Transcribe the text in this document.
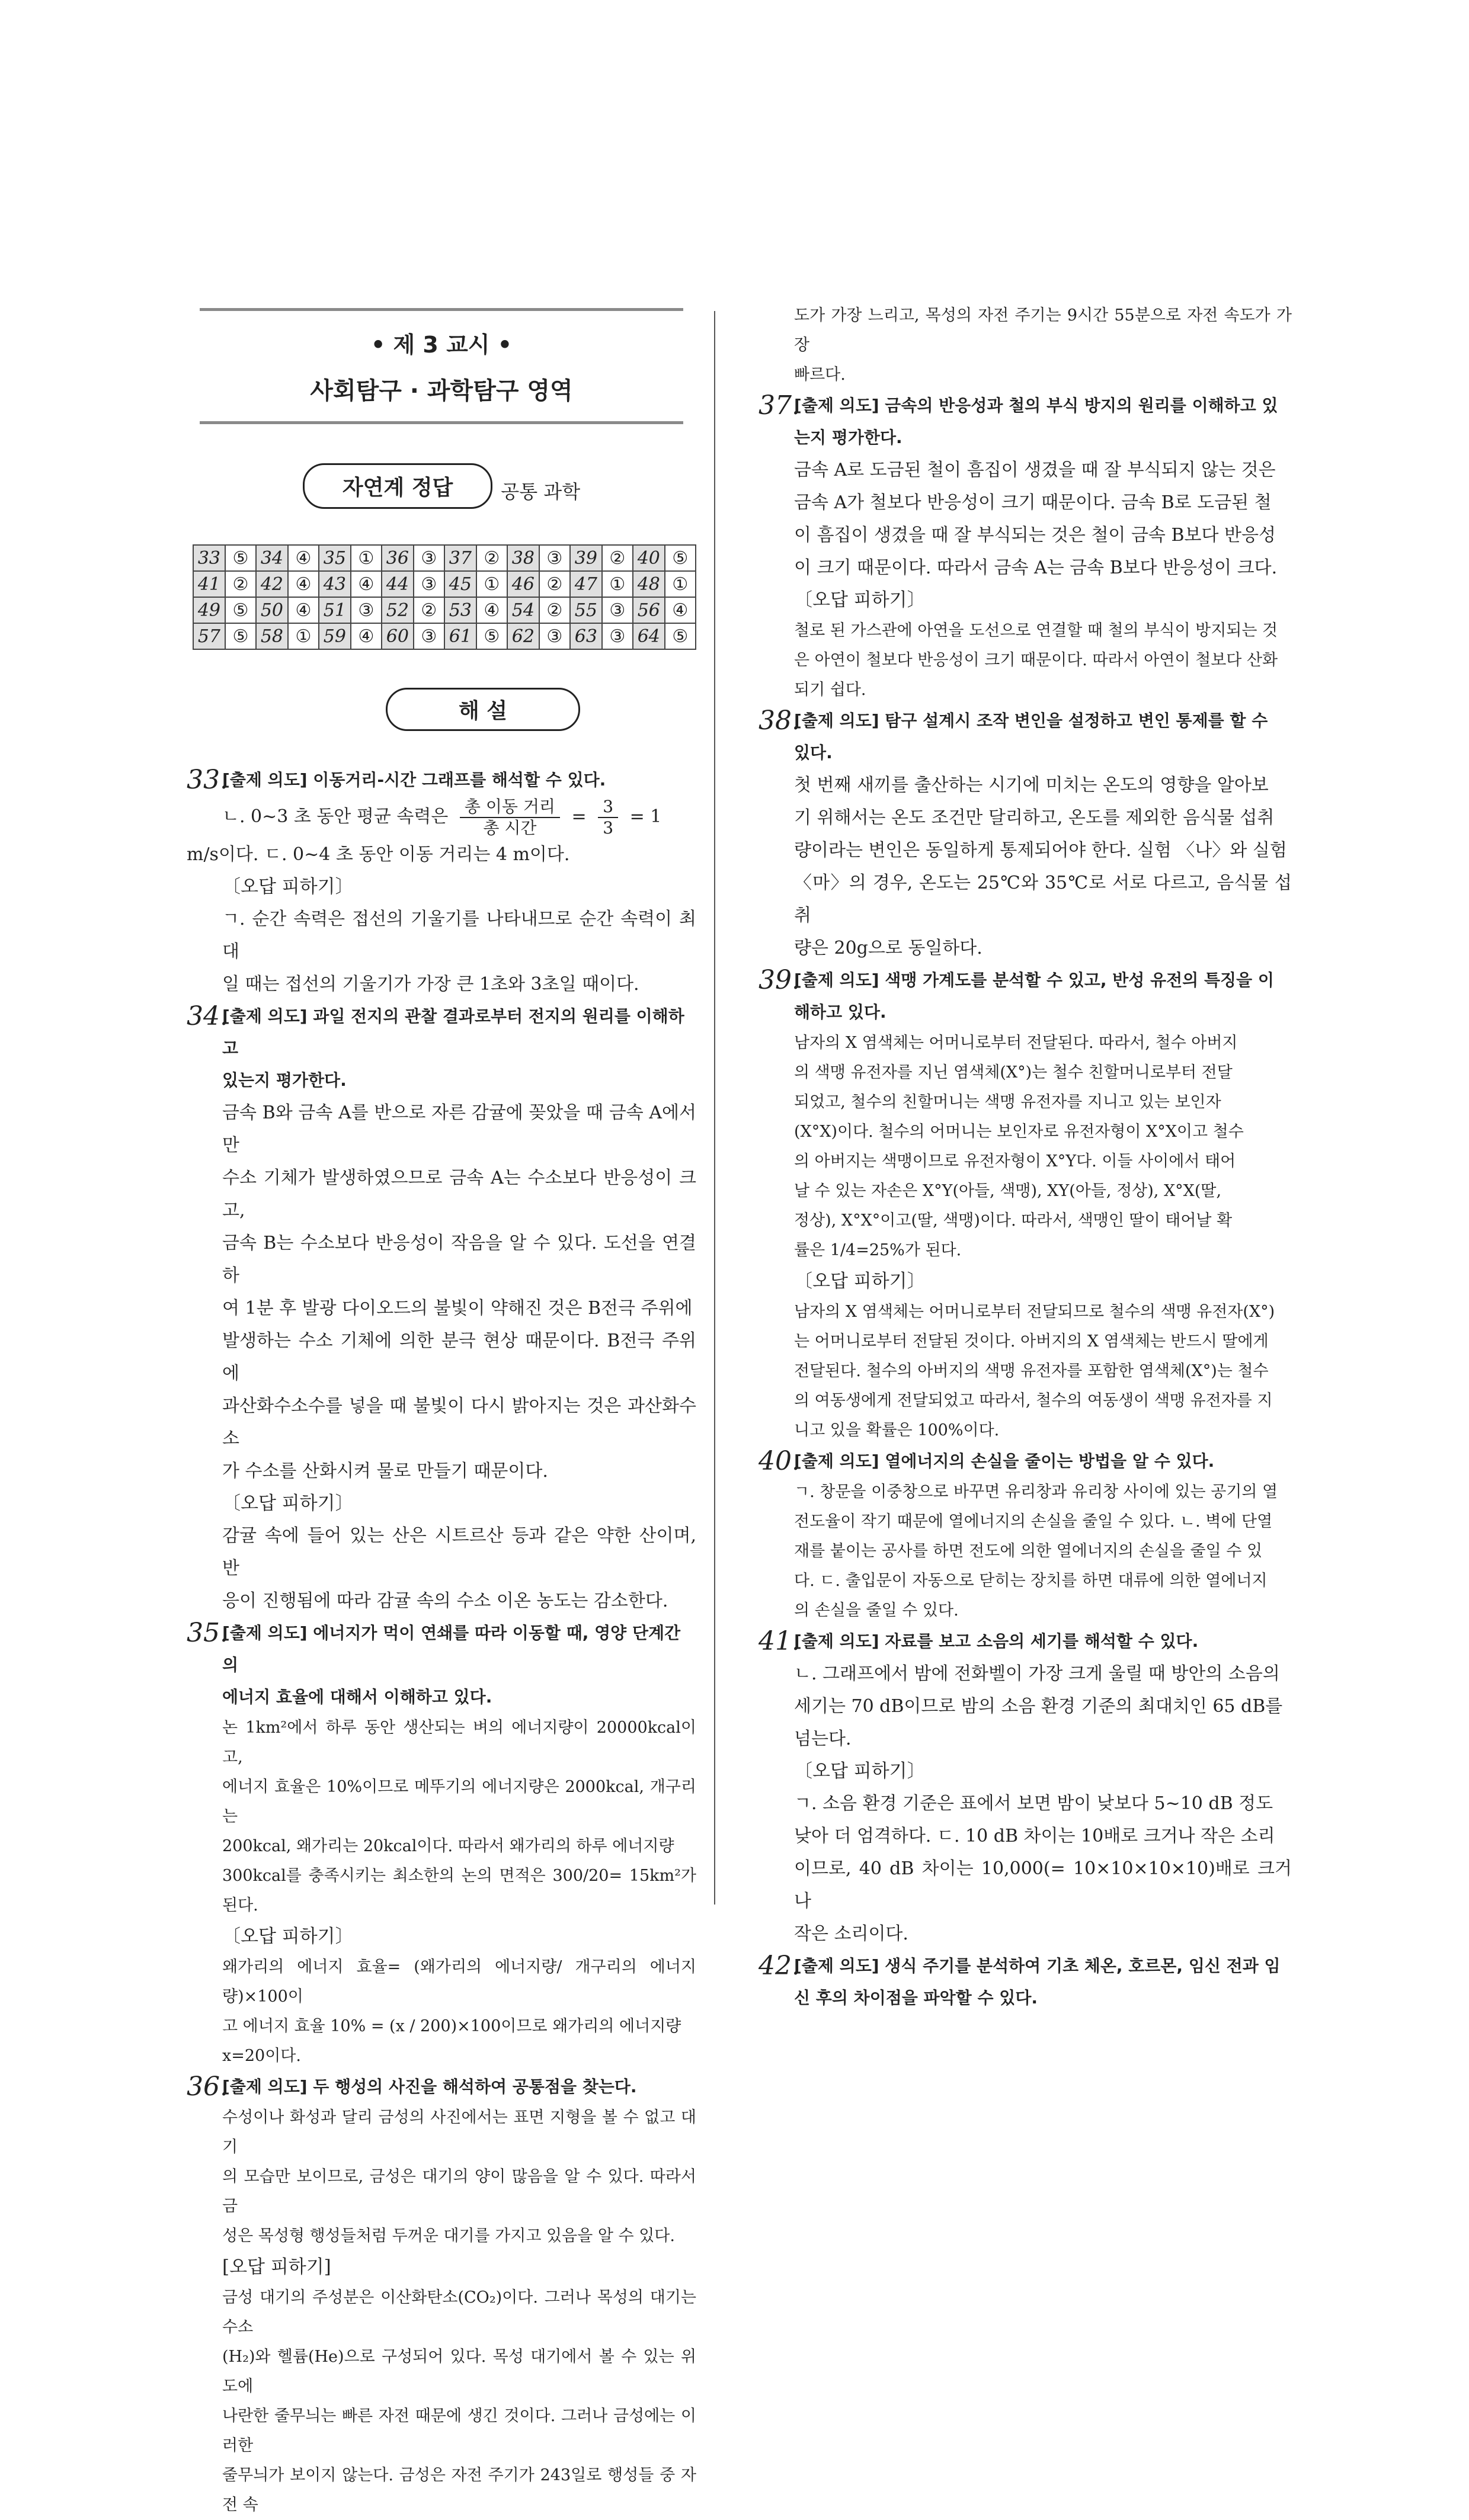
• 제 3 교시 •
사회탐구 · 과학탐구 영역
자연계 정답	공통 과학
33	⑤	34	④	35	①	36	③	37	②	38	③	39	②	40	⑤
41	②	42	④	43	④	44	③	45	①	46	②	47	①	48	①
49	⑤	50	④	51	③	52	②	53	④	54	②	55	③	56	④
57	⑤	58	①	59	④	60	③	61	⑤	62	③	63	③	64	⑤
해 설
33.
[출제 의도] 이동거리-시간 그래프를 해석할 수 있다.

ㄴ. 0~3 초 동안 평균 속력은 $\frac{\text{총 이동 거리}}{\text{총 시간}} = \frac{3}{3} = 1$

m/s이다. ㄷ. 0~4 초 동안 이동 거리는 4 m이다.

〔오답 피하기〕

ㄱ. 순간 속력은 접선의 기울기를 나타내므로 순간 속력이 최대

일 때는 접선의 기울기가 가장 큰 1초와 3초일 때이다.

34.
[출제 의도] 과일 전지의 관찰 결과로부터 전지의 원리를 이해하고
있는지 평가한다.

금속 B와 금속 A를 반으로 자른 감귤에 꽂았을 때 금속 A에서만

수소 기체가 발생하였으므로 금속 A는 수소보다 반응성이 크고,

금속 B는 수소보다 반응성이 작음을 알 수 있다. 도선을 연결하

여 1분 후 발광 다이오드의 불빛이 약해진 것은 B전극 주위에

발생하는 수소 기체에 의한 분극 현상 때문이다. B전극 주위에

과산화수소수를 넣을 때 불빛이 다시 밝아지는 것은 과산화수소

가 수소를 산화시켜 물로 만들기 때문이다.

〔오답 피하기〕

감귤 속에 들어 있는 산은 시트르산 등과 같은 약한 산이며, 반

응이 진행됨에 따라 감귤 속의 수소 이온 농도는 감소한다.

35.
[출제 의도] 에너지가 먹이 연쇄를 따라 이동할 때, 영양 단계간의
에너지 효율에 대해서 이해하고 있다.

논 1km²에서 하루 동안 생산되는 벼의 에너지량이 20000kcal이고,

에너지 효율은 10%이므로 메뚜기의 에너지량은 2000kcal, 개구리는

200kcal, 왜가리는 20kcal이다. 따라서 왜가리의 하루 에너지량

300kcal를 충족시키는 최소한의 논의 면적은 300/20= 15km²가 된다.

〔오답 피하기〕

왜가리의 에너지 효율= (왜가리의 에너지량/ 개구리의 에너지량)×100이

고 에너지 효율 10% = (x / 200)×100이므로 왜가리의 에너지량

x=20이다.

36.
[출제 의도] 두 행성의 사진을 해석하여 공통점을 찾는다.

수성이나 화성과 달리 금성의 사진에서는 표면 지형을 볼 수 없고 대기

의 모습만 보이므로, 금성은 대기의 양이 많음을 알 수 있다. 따라서 금

성은 목성형 행성들처럼 두꺼운 대기를 가지고 있음을 알 수 있다.

[오답 피하기]

금성 대기의 주성분은 이산화탄소(CO₂)이다. 그러나 목성의 대기는 수소

(H₂)와 헬륨(He)으로 구성되어 있다. 목성 대기에서 볼 수 있는 위도에

나란한 줄무늬는 빠른 자전 때문에 생긴 것이다. 그러나 금성에는 이러한

줄무늬가 보이지 않는다. 금성은 자전 주기가 243일로 행성들 중 자전 속

도가 가장 느리고, 목성의 자전 주기는 9시간 55분으로 자전 속도가 가장

빠르다.

37.
[출제 의도] 금속의 반응성과 철의 부식 방지의 원리를 이해하고 있
는지 평가한다.

금속 A로 도금된 철이 흠집이 생겼을 때 잘 부식되지 않는 것은

금속 A가 철보다 반응성이 크기 때문이다. 금속 B로 도금된 철

이 흠집이 생겼을 때 잘 부식되는 것은 철이 금속 B보다 반응성

이 크기 때문이다. 따라서 금속 A는 금속 B보다 반응성이 크다.

〔오답 피하기〕

철로 된 가스관에 아연을 도선으로 연결할 때 철의 부식이 방지되는 것

은 아연이 철보다 반응성이 크기 때문이다. 따라서 아연이 철보다 산화

되기 쉽다.

38.
[출제 의도] 탐구 설계시 조작 변인을 설정하고 변인 통제를 할 수
있다.

첫 번째 새끼를 출산하는 시기에 미치는 온도의 영향을 알아보

기 위해서는 온도 조건만 달리하고, 온도를 제외한 음식물 섭취

량이라는 변인은 동일하게 통제되어야 한다. 실험 〈나〉와 실험

〈마〉의 경우, 온도는 25℃와 35℃로 서로 다르고, 음식물 섭취

량은 20g으로 동일하다.

39.
[출제 의도] 색맹 가계도를 분석할 수 있고, 반성 유전의 특징을 이
해하고 있다.

남자의 X 염색체는 어머니로부터 전달된다. 따라서, 철수 아버지

의 색맹 유전자를 지닌 염색체(X°)는 철수 친할머니로부터 전달

되었고, 철수의 친할머니는 색맹 유전자를 지니고 있는 보인자

(X°X)이다. 철수의 어머니는 보인자로 유전자형이 X°X이고 철수

의 아버지는 색맹이므로 유전자형이 X°Y다. 이들 사이에서 태어

날 수 있는 자손은 X°Y(아들, 색맹), XY(아들, 정상), X°X(딸,

정상), X°X°이고(딸, 색맹)이다. 따라서, 색맹인 딸이 태어날 확

률은 1/4=25%가 된다.

〔오답 피하기〕

남자의 X 염색체는 어머니로부터 전달되므로 철수의 색맹 유전자(X°)

는 어머니로부터 전달된 것이다. 아버지의 X 염색체는 반드시 딸에게

전달된다. 철수의 아버지의 색맹 유전자를 포함한 염색체(X°)는 철수

의 여동생에게 전달되었고 따라서, 철수의 여동생이 색맹 유전자를 지

니고 있을 확률은 100%이다.

40.
[출제 의도] 열에너지의 손실을 줄이는 방법을 알 수 있다.

ㄱ. 창문을 이중창으로 바꾸면 유리창과 유리창 사이에 있는 공기의 열

전도율이 작기 때문에 열에너지의 손실을 줄일 수 있다. ㄴ. 벽에 단열

재를 붙이는 공사를 하면 전도에 의한 열에너지의 손실을 줄일 수 있

다. ㄷ. 출입문이 자동으로 닫히는 장치를 하면 대류에 의한 열에너지

의 손실을 줄일 수 있다.

41.
[출제 의도] 자료를 보고 소음의 세기를 해석할 수 있다.

ㄴ. 그래프에서 밤에 전화벨이 가장 크게 울릴 때 방안의 소음의

세기는 70 dB이므로 밤의 소음 환경 기준의 최대치인 65 dB를

넘는다.

〔오답 피하기〕

ㄱ. 소음 환경 기준은 표에서 보면 밤이 낮보다 5~10 dB 정도

낮아 더 엄격하다. ㄷ. 10 dB 차이는 10배로 크거나 작은 소리

이므로, 40 dB 차이는 10,000(= 10×10×10×10)배로 크거나

작은 소리이다.

42.
[출제 의도] 생식 주기를 분석하여 기초 체온, 호르몬, 임신 전과 임
신 후의 차이점을 파악할 수 있다.
